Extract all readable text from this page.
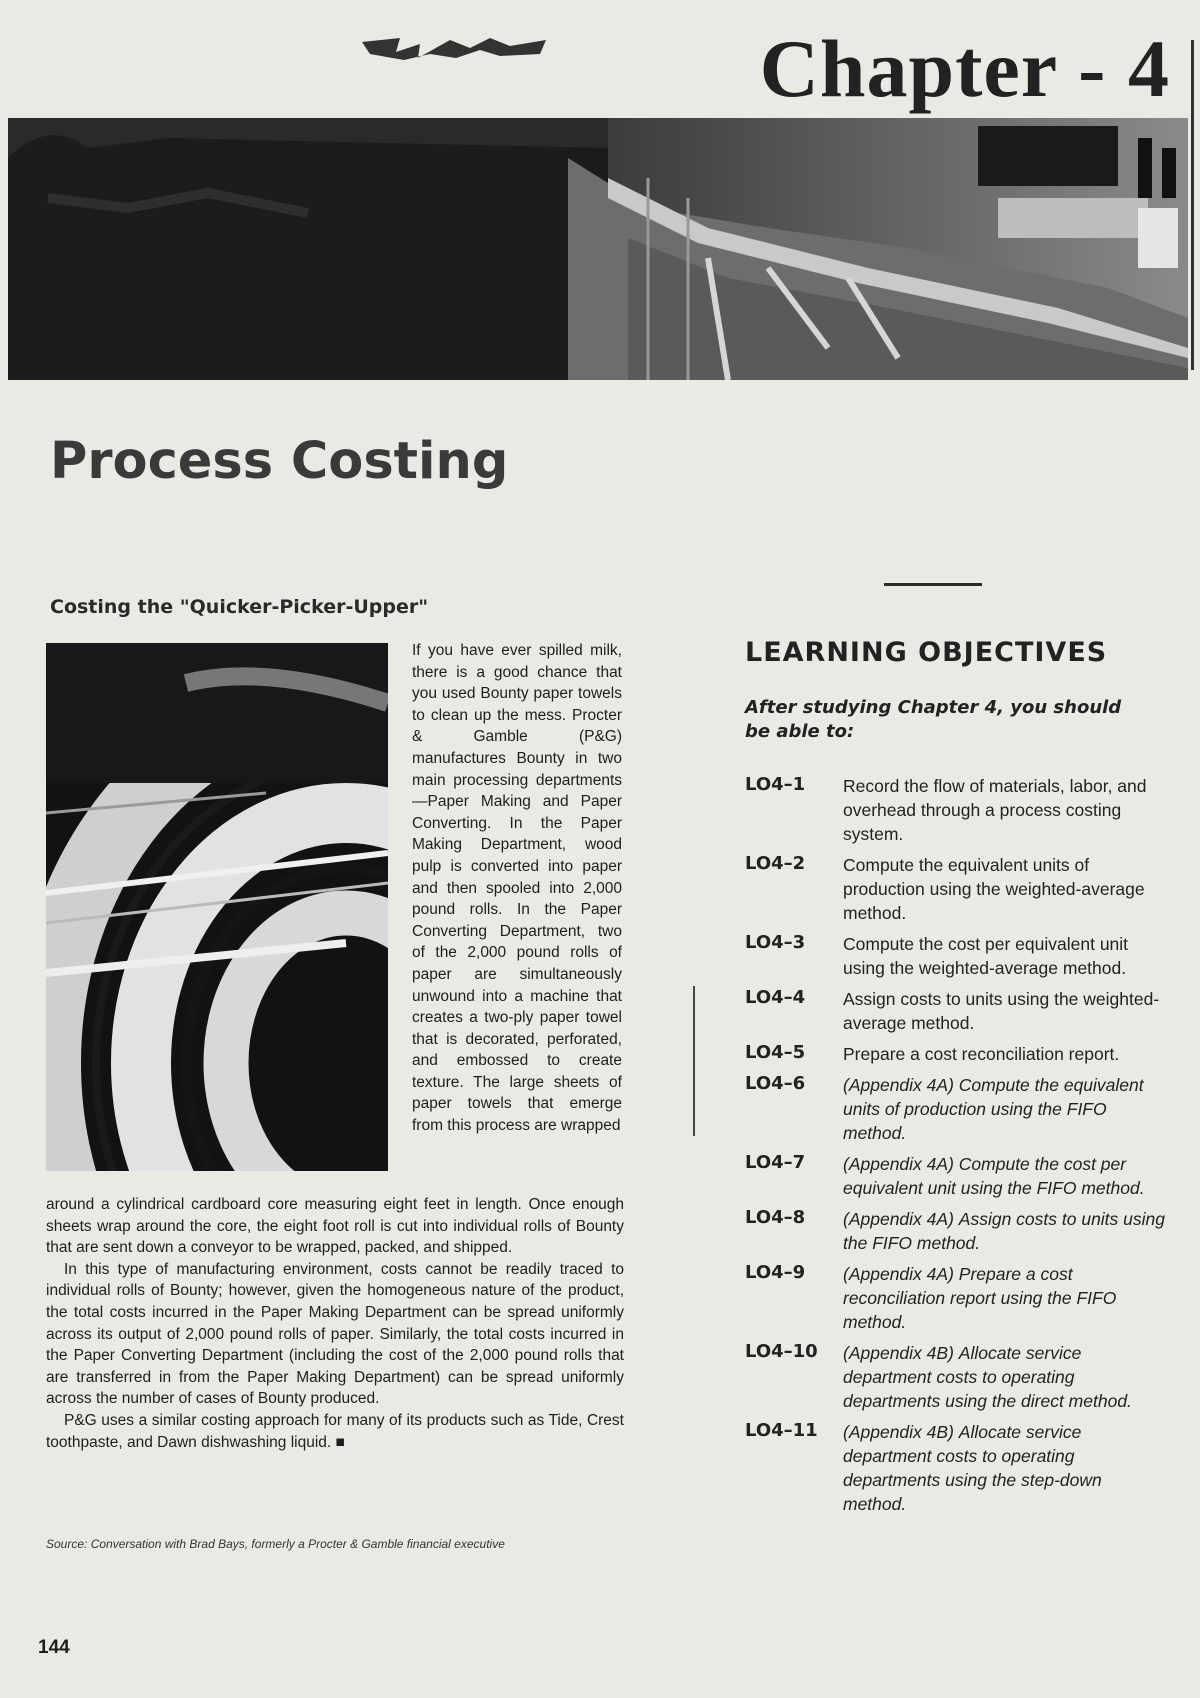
Chapter - 4
Process Costing
Costing the "Quicker-Picker-Upper"

If you have ever spilled milk, there is a good chance that you used Bounty paper towels to clean up the mess. Procter & Gamble (P&G) manufactures Bounty in two main processing departments—Paper Making and Paper Converting. In the Paper Making Department, wood pulp is converted into paper and then spooled into 2,000 pound rolls. In the Paper Converting Department, two of the 2,000 pound rolls of paper are simultaneously unwound into a machine that creates a two-ply paper towel that is decorated, perforated, and embossed to create texture. The large sheets of paper towels that emerge from this process are wrapped

around a cylindrical cardboard core measuring eight feet in length. Once enough sheets wrap around the core, the eight foot roll is cut into individual rolls of Bounty that are sent down a conveyor to be wrapped, packed, and shipped.

In this type of manufacturing environment, costs cannot be readily traced to individual rolls of Bounty; however, given the homogeneous nature of the product, the total costs incurred in the Paper Making Department can be spread uniformly across its output of 2,000 pound rolls of paper. Similarly, the total costs incurred in the Paper Converting Department (including the cost of the 2,000 pound rolls that are transferred in from the Paper Making Department) can be spread uniformly across the number of cases of Bounty produced.

P&G uses a similar costing approach for many of its products such as Tide, Crest toothpaste, and Dawn dishwashing liquid. ■

Source: Conversation with Brad Bays, formerly a Procter & Gamble financial executive
LEARNING OBJECTIVES
After studying Chapter 4, you should be able to:
LO4–1	Record the flow of materials, labor, and overhead through a process costing system.
LO4–2	Compute the equivalent units of production using the weighted-average method.
LO4–3	Compute the cost per equivalent unit using the weighted-average method.
LO4–4	Assign costs to units using the weighted-average method.
LO4–5	Prepare a cost reconciliation report.
LO4–6	(Appendix 4A) Compute the equivalent units of production using the FIFO method.
LO4–7	(Appendix 4A) Compute the cost per equivalent unit using the FIFO method.
LO4–8	(Appendix 4A) Assign costs to units using the FIFO method.
LO4–9	(Appendix 4A) Prepare a cost reconciliation report using the FIFO method.
LO4–10	(Appendix 4B) Allocate service department costs to operating departments using the direct method.
LO4–11	(Appendix 4B) Allocate service department costs to operating departments using the step-down method.
144
